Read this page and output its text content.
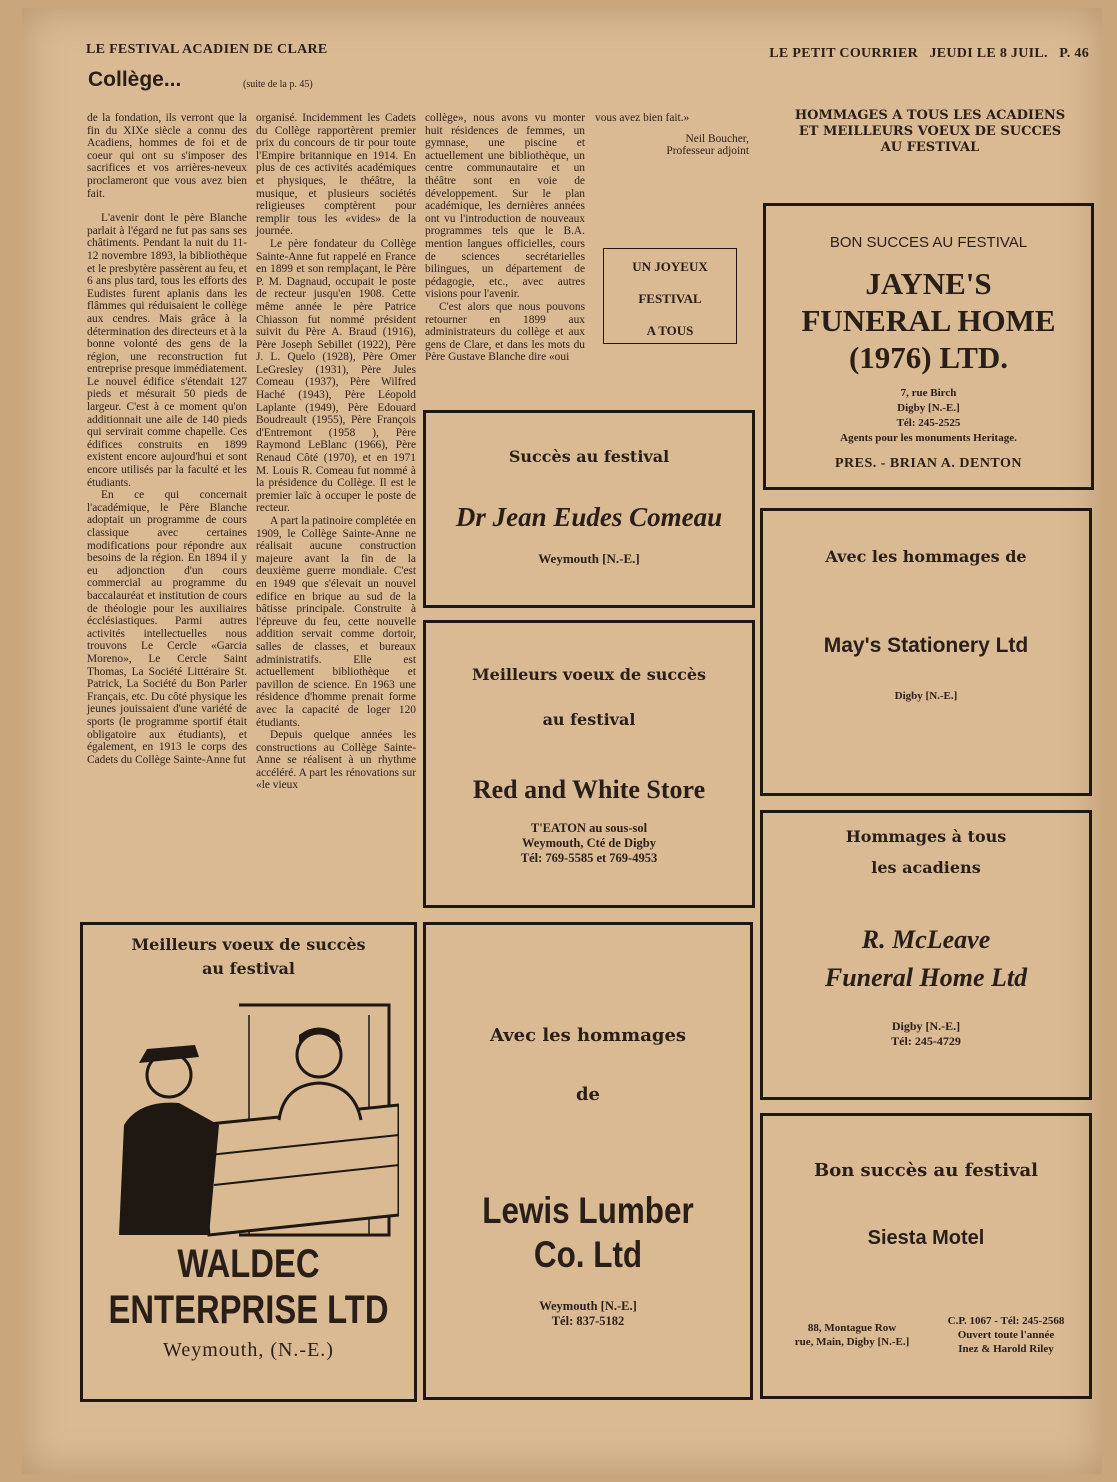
LE FESTIVAL ACADIEN DE CLARE	LE PETIT COURRIER   JEUDI LE 8 JUIL.   P. 46
Collège...	(suite de la p. 45)

de la fondation, ils verront que la fin du XIXe siècle a connu des Acadiens, hommes de foi et de coeur qui ont su s'imposer des sacrifices et vos arrières-neveux proclameront que vous avez bien fait.

L'avenir dont le père Blanche parlait à l'égard ne fut pas sans ses châtiments. Pendant la nuit du 11-12 novembre 1893, la bibliothèque et le presbytère passèrent au feu, et 6 ans plus tard, tous les efforts des Eudistes furent aplanis dans les flâmmes qui réduisaient le collège aux cendres. Mais grâce à la détermination des directeurs et à la bonne volonté des gens de la région, une reconstruction fut entreprise presque immédiatement. Le nouvel édifice s'étendait 127 pieds et mésurait 50 pieds de largeur. C'est à ce moment qu'on additionnait une aile de 140 pieds qui servirait comme chapelle. Ces édifices construits en 1899 existent encore aujourd'hui et sont encore utilisés par la faculté et les étudiants.

En ce qui concernait l'académique, le Père Blanche adoptait un programme de cours classique avec certaines modifications pour répondre aux besoins de la région. En 1894 il y eu adjonction d'un cours commercial au programme du baccalauréat et institution de cours de théologie pour les auxiliaires écclésiastiques. Parmi autres activités intellectuelles nous trouvons Le Cercle «Garcia Moreno», Le Cercle Saint Thomas, La Société Littéraire St. Patrick, La Société du Bon Parler Français, etc. Du côté physique les jeunes jouissaient d'une variété de sports (le programme sportif était obligatoire aux étudiants), et également, en 1913 le corps des Cadets du Collège Sainte-Anne fut

organisé. Incidemment les Cadets du Collège rapportèrent premier prix du concours de tir pour toute l'Empire britannique en 1914. En plus de ces activités académiques et physiques, le théâtre, la musique, et plusieurs sociétés religieuses comptèrent pour remplir tous les «vides» de la journée.

Le père fondateur du Collège Sainte-Anne fut rappelé en France en 1899 et son remplaçant, le Père P. M. Dagnaud, occupait le poste de recteur jusqu'en 1908. Cette même année le père Patrice Chiasson fut nommé président suivit du Père A. Braud (1916), Père Joseph Sebillet (1922), Père J. L. Quelo (1928), Père Omer LeGresley (1931), Père Jules Comeau (1937), Père Wilfred Haché (1943), Père Léopold Laplante (1949), Père Edouard Boudreault (1955), Père François d'Entremont (1958 ), Père Raymond LeBlanc (1966), Père Renaud Côté (1970), et en 1971 M. Louis R. Comeau fut nommé à la présidence du Collège. Il est le premier laïc à occuper le poste de recteur.

A part la patinoire complétée en 1909, le Collège Sainte-Anne ne réalisait aucune construction majeure avant la fin de la deuxième guerre mondiale. C'est en 1949 que s'élevait un nouvel edifice en brique au sud de la bâtisse principale. Construite à l'épreuve du feu, cette nouvelle addition servait comme dortoir, salles de classes, et bureaux administratifs. Elle est actuellement bibliothèque et pavillon de science. En 1963 une résidence d'homme prenait forme avec la capacité de loger 120 étudiants.

Depuis quelque années les constructions au Collège Sainte-Anne se réalisent à un rhythme accéléré. A part les rénovations sur «le vieux

collège», nous avons vu monter huit résidences de femmes, un gymnase, une piscine et actuellement une bibliothèque, un centre communautaire et un théâtre sont en voie de développement. Sur le plan académique, les dernières années ont vu l'introduction de nouveaux programmes tels que le B.A. mention langues officielles, cours de sciences secrétarielles bilingues, un département de pédagogie, etc., avec autres visions pour l'avenir.

C'est alors que nous pouvons retourner en 1899 aux administrateurs du collège et aux gens de Clare, et dans les mots du Père Gustave Blanche dire «oui

vous avez bien fait.»

Neil Boucher,

Professeur adjoint

UN JOYEUX
FESTIVAL
A TOUS
HOMMAGES A TOUS LES ACADIENS
ET MEILLEURS VOEUX DE SUCCES
AU FESTIVAL
BON SUCCES AU FESTIVAL
JAYNE'S
FUNERAL HOME
(1976) LTD.
7, rue Birch
Digby [N.-E.]
Tél: 245-2525
Agents pour les monuments Heritage.
PRES. - BRIAN A. DENTON
Succès au festival
Dr Jean Eudes Comeau
Weymouth [N.-E.]	Avec les hommages de
May's Stationery Ltd
Digby [N.-E.]
Meilleurs voeux de succès
au festival
Red and White Store
T'EATON au sous-sol
Weymouth, Cté de Digby
Tél: 769-5585 et 769-4953
Hommages à tous
les acadiens
R. McLeave
Funeral Home Ltd
Digby [N.-E.]
Tél: 245-4729
Meilleurs voeux de succès
au festival
WALDEC
ENTERPRISE LTD
Weymouth, (N.-E.)
Avec les hommages
de
Lewis Lumber
Co. Ltd
Weymouth [N.-E.]
Tél: 837-5182
Bon succès au festival
Siesta Motel
88, Montague Row
rue, Main, Digby [N.-E.]
C.P. 1067 - Tél: 245-2568
Ouvert toute l'année
Inez & Harold Riley
